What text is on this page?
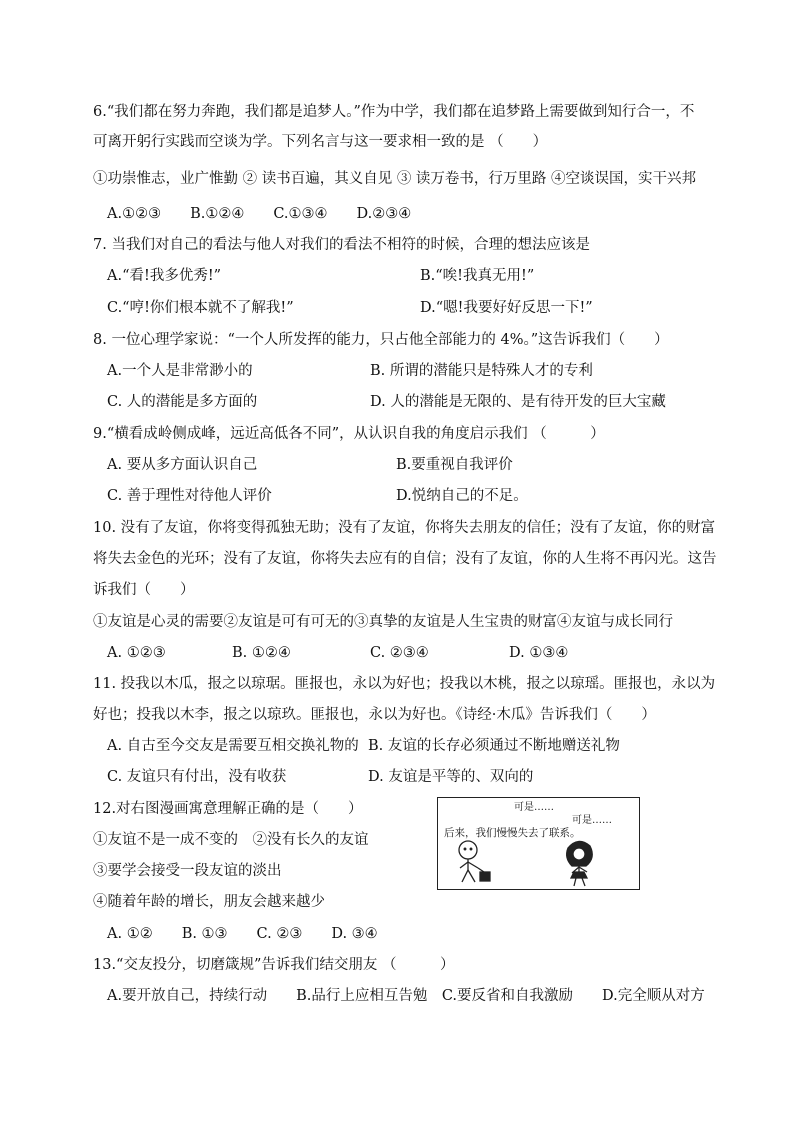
6.“我们都在努力奔跑，我们都是追梦人。”作为中学，我们都在追梦路上需要做到知行合一，不
可离开躬行实践而空谈为学。下列名言与这一要求相一致的是 （　　）
①功崇惟志，业广惟勤 ② 读书百遍，其义自见 ③ 读万卷书，行万里路 ④空谈误国，实干兴邦
A.①②③　　B.①②④　　C.①③④　　D.②③④
7. 当我们对自己的看法与他人对我们的看法不相符的时候，合理的想法应该是
A.“看!我多优秀!”	B.“唉!我真无用!”
C.“哼!你们根本就不了解我!”	D.“嗯!我要好好反思一下!”
8. 一位心理学家说：“一个人所发挥的能力，只占他全部能力的 4%。”这告诉我们（　　）
A.一个人是非常渺小的	B. 所谓的潜能只是特殊人才的专利
C. 人的潜能是多方面的	D. 人的潜能是无限的、是有待开发的巨大宝藏
9.“横看成岭侧成峰，远近高低各不同”，从认识自我的角度启示我们 （　　　）
A. 要从多方面认识自己	B.要重视自我评价
C. 善于理性对待他人评价	D.悦纳自己的不足。
10. 没有了友谊，你将变得孤独无助；没有了友谊，你将失去朋友的信任；没有了友谊，你的财富
将失去金色的光环；没有了友谊，你将失去应有的自信；没有了友谊，你的人生将不再闪光。这告
诉我们（　　）
①友谊是心灵的需要②友谊是可有可无的③真挚的友谊是人生宝贵的财富④友谊与成长同行
A. ①②③	B. ①②④	C. ②③④	D. ①③④
11. 投我以木瓜，报之以琼琚。匪报也，永以为好也；投我以木桃，报之以琼瑶。匪报也，永以为
好也；投我以木李，报之以琼玖。匪报也，永以为好也。《诗经·木瓜》告诉我们（　　）
A. 自古至今交友是需要互相交换礼物的 B. 友谊的长存必须通过不断地赠送礼物
C. 友谊只有付出，没有收获	D. 友谊是平等的、双向的
12.对右图漫画寓意理解正确的是（　　）
①友谊不是一成不变的　②没有长久的友谊
③要学会接受一段友谊的淡出
④随着年龄的增长，朋友会越来越少
A. ①②　　B. ①③　　C. ②③　　D. ③④
可是……
可是……
后来，我们慢慢失去了联系。
13.“交友投分，切磨箴规”告诉我们结交朋友 （　　　）
A.要开放自己，持续行动　　B.品行上应相互告勉　C.要反省和自我激励　　D.完全顺从对方
